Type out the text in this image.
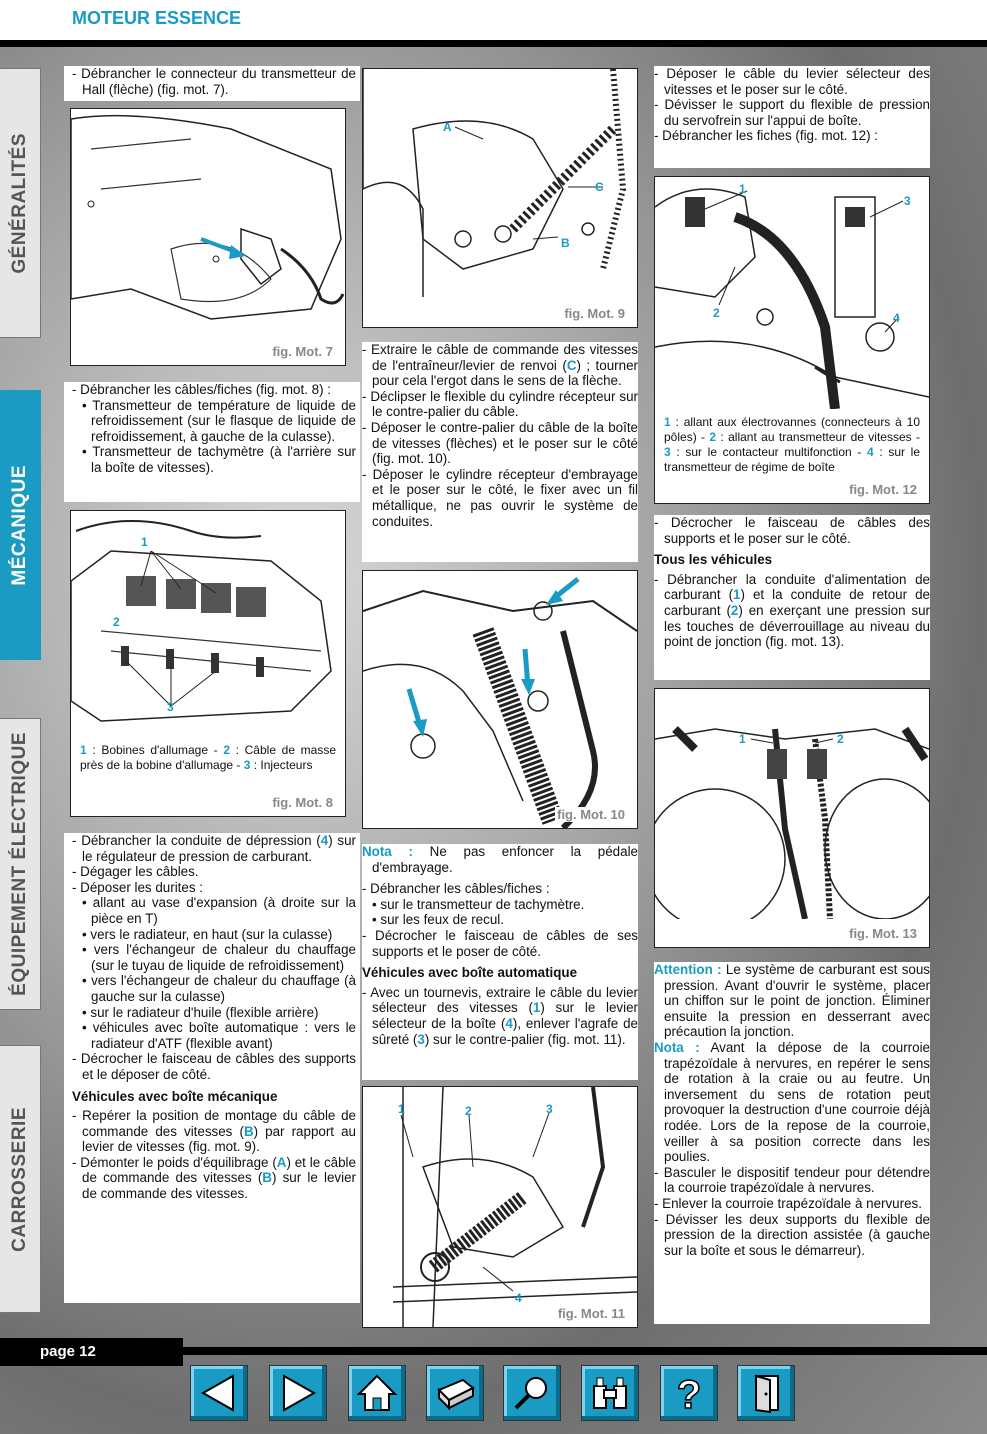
MOTEUR ESSENCE
GÉNÉRALITÉS
MÉCANIQUE
ÉQUIPEMENT ÉLECTRIQUE
CARROSSERIE

- Débrancher le connecteur du transmetteur de Hall (flèche) (fig. mot. 7).

fig. Mot. 7

- Débrancher les câbles/fiches (fig. mot. 8) :

• Transmetteur de température de liquide de refroidissement (sur le flasque de liquide de refroidissement, à gauche de la culasse).

• Transmetteur de tachymètre (à l'arrière sur la boîte de vitesses).

1
2
3
1 : Bobines d'allumage - 2 : Câble de masse près de la bobine d'allumage - 3 : Injecteurs
fig. Mot. 8

- Débrancher la conduite de dépression (4) sur le régulateur de pression de carburant.

- Dégager les câbles.

- Déposer les durites :

• allant au vase d'expansion (à droite sur la pièce en T)

• vers le radiateur, en haut (sur la culasse)

• vers l'échangeur de chaleur du chauffage (sur le tuyau de liquide de refroidissement)

• vers l'échangeur de chaleur du chauffage (à gauche sur la culasse)

• sur le radiateur d'huile (flexible arrière)

• véhicules avec boîte automatique : vers le radiateur d'ATF (flexible avant)

- Décrocher le faisceau de câbles des supports et le déposer de côté.

Véhicules avec boîte mécanique

- Repérer la position de montage du câble de commande des vitesses (B) par rapport au levier de vitesses (fig. mot. 9).

- Démonter le poids d'équilibrage (A) et le câble de commande des vitesses (B) sur le levier de commande des vitesses.

A
B
C
fig. Mot. 9

- Extraire le câble de commande des vitesses de l'entraîneur/levier de renvoi (C) ; tourner pour cela l'ergot dans le sens de la flèche.

- Déclipser le flexible du cylindre récepteur sur le contre-palier du câble.

- Déposer le contre-palier du câble de la boîte de vitesses (flèches) et le poser sur le côté (fig. mot. 10).

- Déposer le cylindre récepteur d'embrayage et le poser sur le côté, le fixer avec un fil métallique, ne pas ouvrir le système de conduites.

fig. Mot. 10

Nota : Ne pas enfoncer la pédale d'embrayage.

- Débrancher les câbles/fiches :

• sur le transmetteur de tachymètre.

• sur les feux de recul.

- Décrocher le faisceau de câbles de ses supports et le poser de côté.

Véhicules avec boîte automatique

- Avec un tournevis, extraire le câble du levier sélecteur des vitesses (1) sur le levier sélecteur de la boîte (4), enlever l'agrafe de sûreté (3) sur le contre-palier (fig. mot. 11).

1	2	3
4
fig. Mot. 11

- Déposer le câble du levier sélecteur des vitesses et le poser sur le côté.

- Dévisser le support du flexible de pression du servofrein sur l'appui de boîte.

- Débrancher les fiches (fig. mot. 12) :

1
2
3
4
1 : allant aux électrovannes (connecteurs à 10 pôles) - 2 : allant au transmetteur de vitesses - 3 : sur le contacteur multifonction - 4 : sur le transmetteur de régime de boîte
fig. Mot. 12

- Décrocher le faisceau de câbles des supports et le poser sur le côté.

Tous les véhicules

- Débrancher la conduite d'alimentation de carburant (1) et la conduite de retour de carburant (2) en exerçant une pression sur les touches de déverrouillage au niveau du point de jonction (fig. mot. 13).

1	2
fig. Mot. 13

Attention : Le système de carburant est sous pression. Avant d'ouvrir le système, placer un chiffon sur le point de jonction. Éliminer ensuite la pression en desserrant avec précaution la jonction.

Nota : Avant la dépose de la courroie trapézoïdale à nervures, en repérer le sens de rotation à la craie ou au feutre. Un inversement du sens de rotation peut provoquer la destruction d'une courroie déjà rodée. Lors de la repose de la courroie, veiller à sa position correcte dans les poulies.

- Basculer le dispositif tendeur pour détendre la courroie trapézoïdale à nervures.

- Enlever la courroie trapézoïdale à nervures.

- Dévisser les deux supports du flexible de pression de la direction assistée (à gauche sur la boîte et sous le démarreur).

page 12
?
